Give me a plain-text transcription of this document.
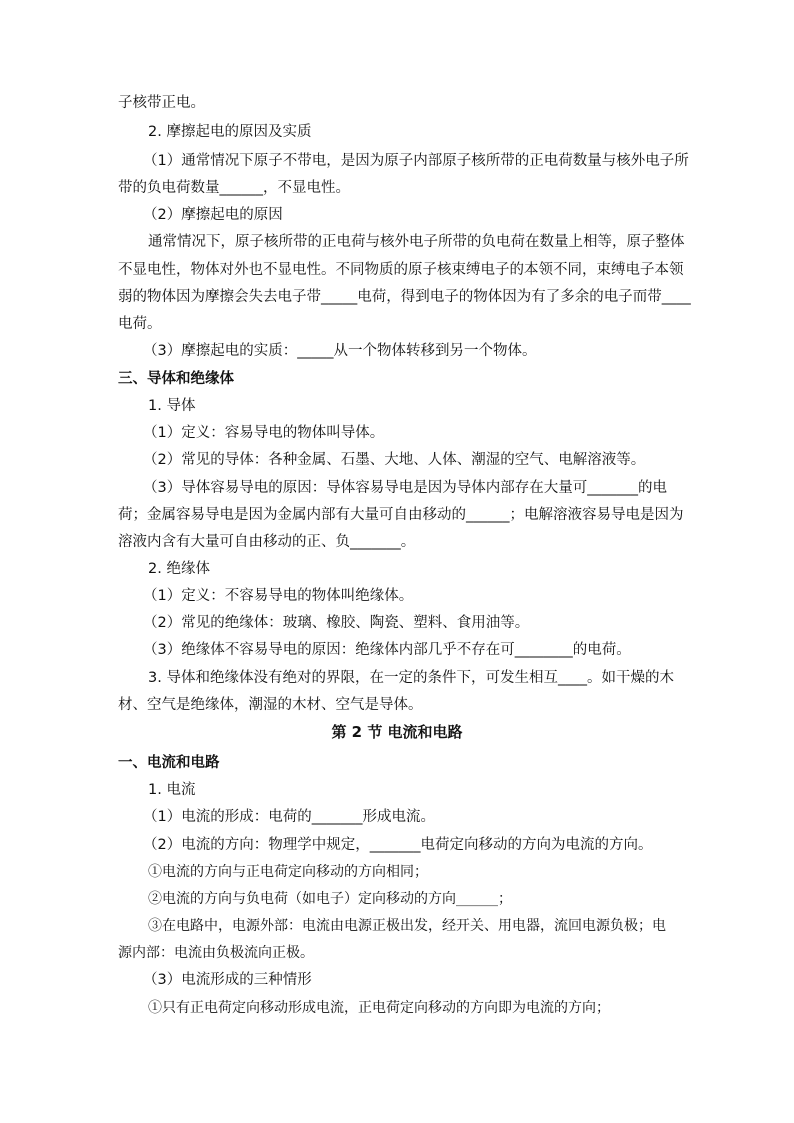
子核带正电。
2. 摩擦起电的原因及实质
（1）通常情况下原子不带电，是因为原子内部原子核所带的正电荷数量与核外电子所
带的负电荷数量______，不显电性。
（2）摩擦起电的原因
通常情况下，原子核所带的正电荷与核外电子所带的负电荷在数量上相等，原子整体
不显电性，物体对外也不显电性。不同物质的原子核束缚电子的本领不同，束缚电子本领
弱的物体因为摩擦会失去电子带_____电荷，得到电子的物体因为有了多余的电子而带____
电荷。
（3）摩擦起电的实质：_____从一个物体转移到另一个物体。
三、导体和绝缘体
1. 导体
（1）定义：容易导电的物体叫导体。
（2）常见的导体：各种金属、石墨、大地、人体、潮湿的空气、电解溶液等。
（3）导体容易导电的原因：导体容易导电是因为导体内部存在大量可_______的电
荷；金属容易导电是因为金属内部有大量可自由移动的______；电解溶液容易导电是因为
溶液内含有大量可自由移动的正、负_______。
2. 绝缘体
（1）定义：不容易导电的物体叫绝缘体。
（2）常见的绝缘体：玻璃、橡胶、陶瓷、塑料、食用油等。
（3）绝缘体不容易导电的原因：绝缘体内部几乎不存在可________的电荷。
3. 导体和绝缘体没有绝对的界限，在一定的条件下，可发生相互____。如干燥的木
材、空气是绝缘体，潮湿的木材、空气是导体。
第 2 节 电流和电路
一、电流和电路
1. 电流
（1）电流的形成：电荷的_______形成电流。
（2）电流的方向：物理学中规定，_______电荷定向移动的方向为电流的方向。
①电流的方向与正电荷定向移动的方向相同；
②电流的方向与负电荷（如电子）定向移动的方向______；
③在电路中，电源外部：电流由电源正极出发，经开关、用电器，流回电源负极；电
源内部：电流由负极流向正极。
（3）电流形成的三种情形
①只有正电荷定向移动形成电流，正电荷定向移动的方向即为电流的方向；
